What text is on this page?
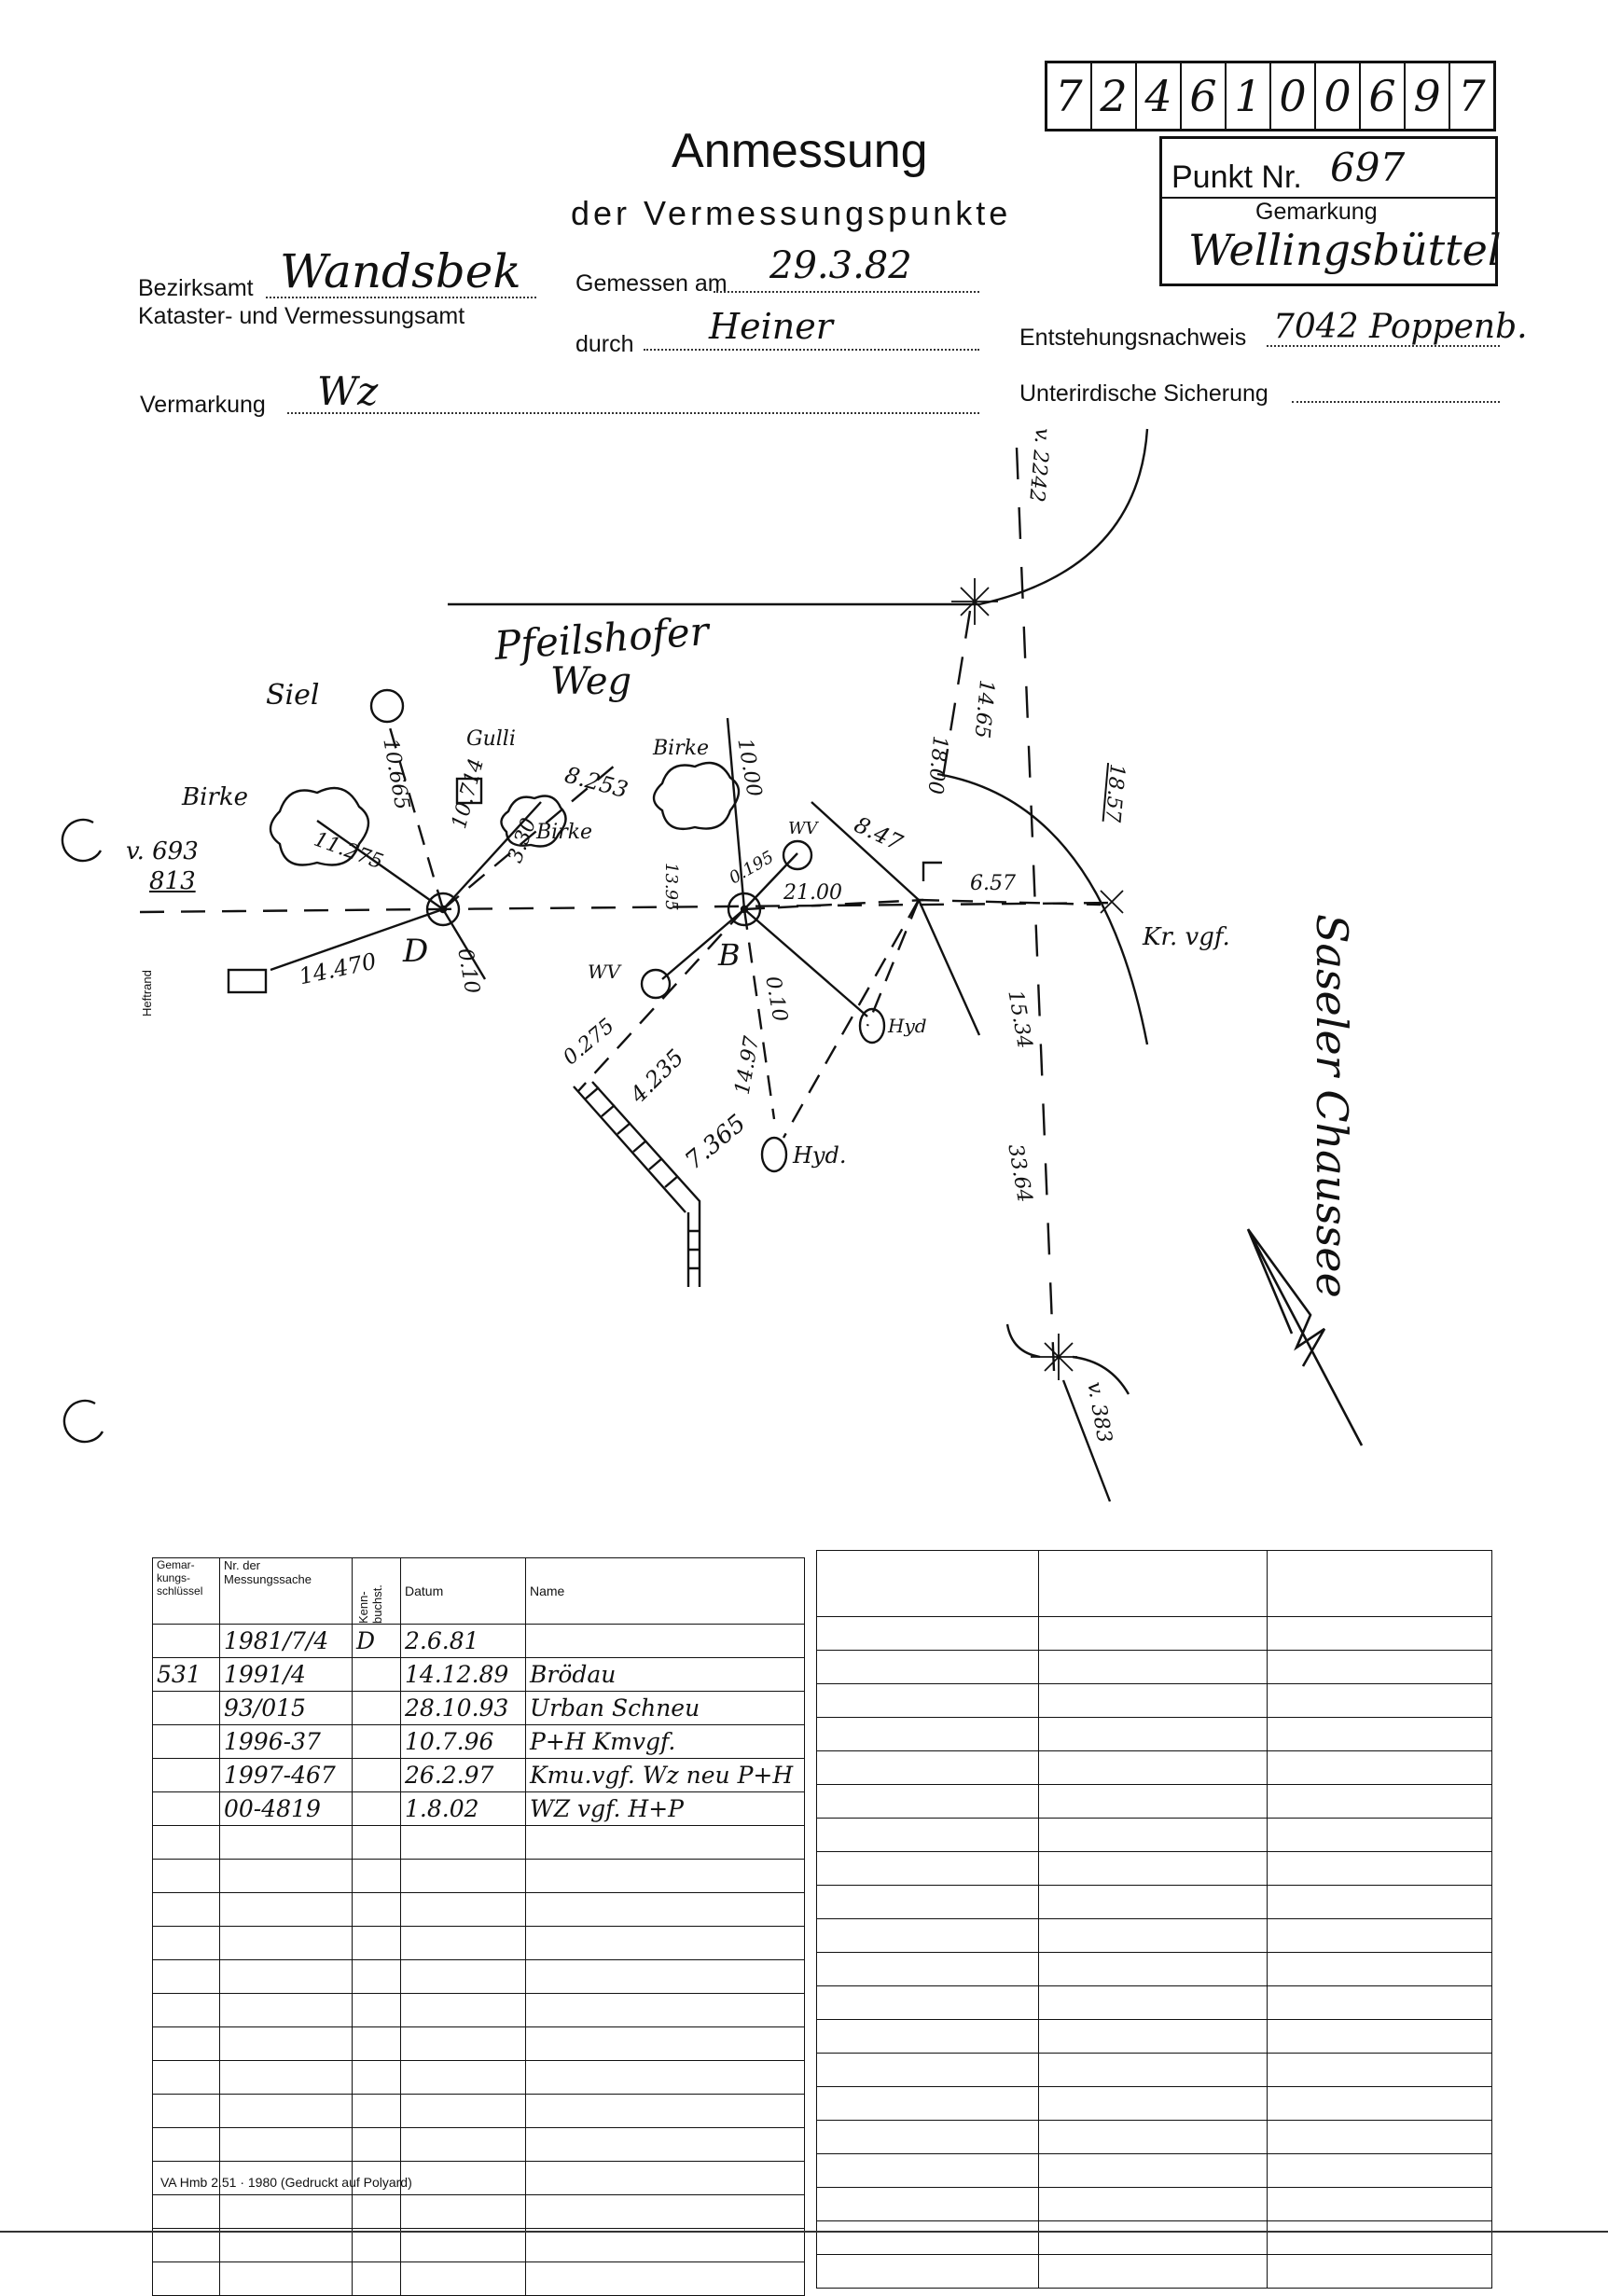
7 2 4 6 1 0 0 6 9 7
Anmessung
der Vermessungspunkte
Punkt Nr. 697
Gemarkung
Wellingsbüttel
Bezirksamt Wandsbek
Kataster- und Vermessungsamt
Gemessen am 29.3.82
durch Heiner	Entstehungsnachweis 7042 Poppenb.
Vermarkung Wz	Unterirdische Sicherung
Pfeilshofer
Weg
Saseler Chaussee
Siel
Gulli
Birke
Birke
Birke
WV
WV
Hyd
Hyd.
Kr. vgf.
v. 693
813
D	B
10.665	8.253	10.00	18.00
14.65
18.57
8.47
6.57
21.00
0.195
13.95
11.275
10.714
3.30
0.10
14.470
0.10
0.275
4.235 14.97
7.365
15.34
33.64
v. 2242
v. 383
Heftrand
Gemar-kungs-schlüssel	Nr. der Messungssache	Kenn-buchst.	Datum	Name
	1981/7/4	D	2.6.81	
531	1991/4		14.12.89	Brödau
	93/015		28.10.93	Urban Schneu
	1996-37		10.7.96	P+H Kmvgf.
	1997-467		26.2.97	Kmu.vgf. Wz neu P+H
	00-4819		1.8.02	WZ vgf. H+P

VA Hmb 2.51 · 1980 (Gedruckt auf Polyard)
